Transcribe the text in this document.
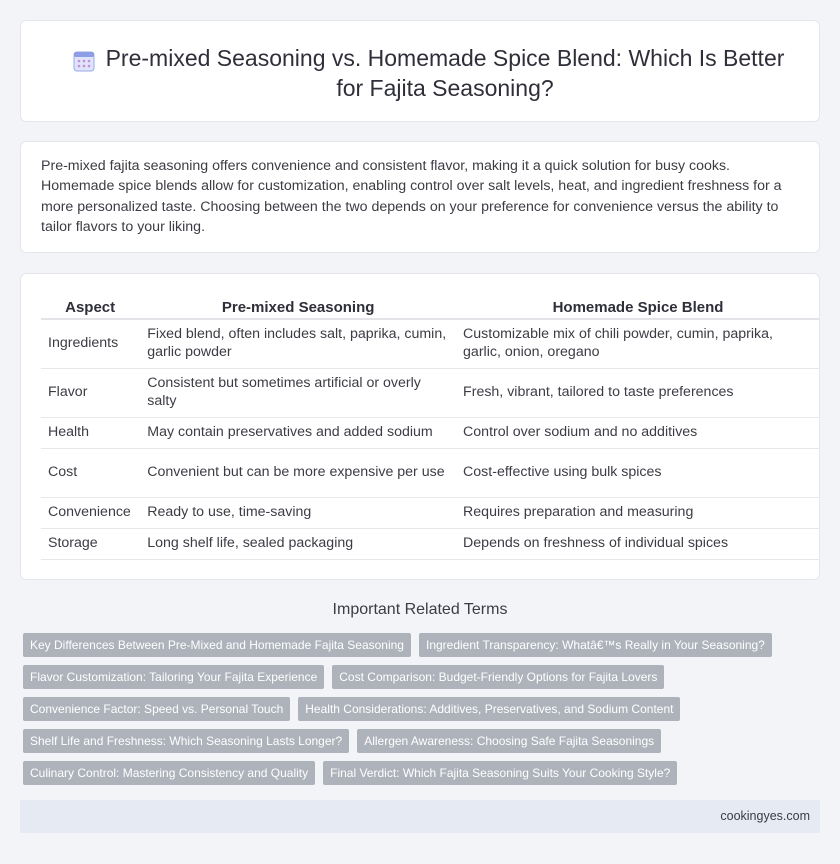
Pre-mixed Seasoning vs. Homemade Spice Blend: Which Is Better for Fajita Seasoning?

Pre-mixed fajita seasoning offers convenience and consistent flavor, making it a quick solution for busy cooks. Homemade spice blends allow for customization, enabling control over salt levels, heat, and ingredient freshness for a more personalized taste. Choosing between the two depends on your preference for convenience versus the ability to tailor flavors to your liking.

Aspect	Pre-mixed Seasoning	Homemade Spice Blend
Ingredients	Fixed blend, often includes salt, paprika, cumin, garlic powder	Customizable mix of chili powder, cumin, paprika, garlic, onion, oregano
Flavor	Consistent but sometimes artificial or overly salty	Fresh, vibrant, tailored to taste preferences
Health	May contain preservatives and added sodium	Control over sodium and no additives
Cost	Convenient but can be more expensive per use	Cost-effective using bulk spices
Convenience	Ready to use, time-saving	Requires preparation and measuring
Storage	Long shelf life, sealed packaging	Depends on freshness of individual spices
Important Related Terms
Key Differences Between Pre-Mixed and Homemade Fajita Seasoning	Ingredient Transparency: Whatâ€™s Really in Your Seasoning?
Flavor Customization: Tailoring Your Fajita Experience	Cost Comparison: Budget-Friendly Options for Fajita Lovers
Convenience Factor: Speed vs. Personal Touch	Health Considerations: Additives, Preservatives, and Sodium Content
Shelf Life and Freshness: Which Seasoning Lasts Longer?	Allergen Awareness: Choosing Safe Fajita Seasonings
Culinary Control: Mastering Consistency and Quality	Final Verdict: Which Fajita Seasoning Suits Your Cooking Style?
cookingyes.com
